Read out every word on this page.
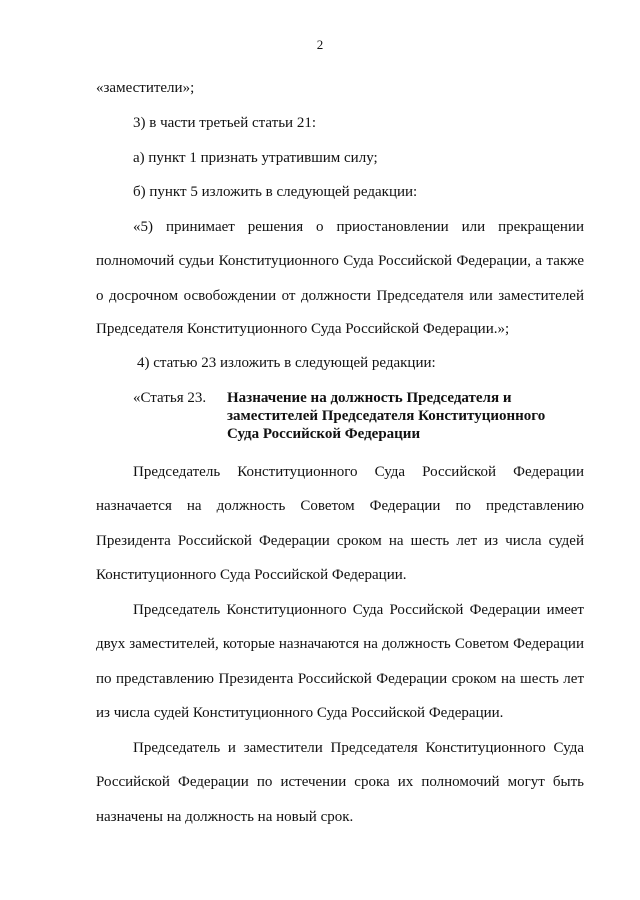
2
«заместители»;
3) в части третьей статьи 21:
а) пункт 1 признать утратившим силу;
б) пункт 5 изложить в следующей редакции:
«5) принимает решения о приостановлении или прекращении
полномочий судьи Конституционного Суда Российской Федерации, а также
о досрочном освобождении от должности Председателя или заместителей
Председателя Конституционного Суда Российской Федерации.»;
4) статью 23 изложить в следующей редакции:
«Статья 23. Назначение на должность Председателя и
заместителей Председателя Конституционного
Суда Российской Федерации
Председатель Конституционного Суда Российской Федерации
назначается на должность Советом Федерации по представлению
Президента Российской Федерации сроком на шесть лет из числа судей
Конституционного Суда Российской Федерации.
Председатель Конституционного Суда Российской Федерации имеет
двух заместителей, которые назначаются на должность Советом Федерации
по представлению Президента Российской Федерации сроком на шесть лет
из числа судей Конституционного Суда Российской Федерации.
Председатель и заместители Председателя Конституционного Суда
Российской Федерации по истечении срока их полномочий могут быть
назначены на должность на новый срок.
